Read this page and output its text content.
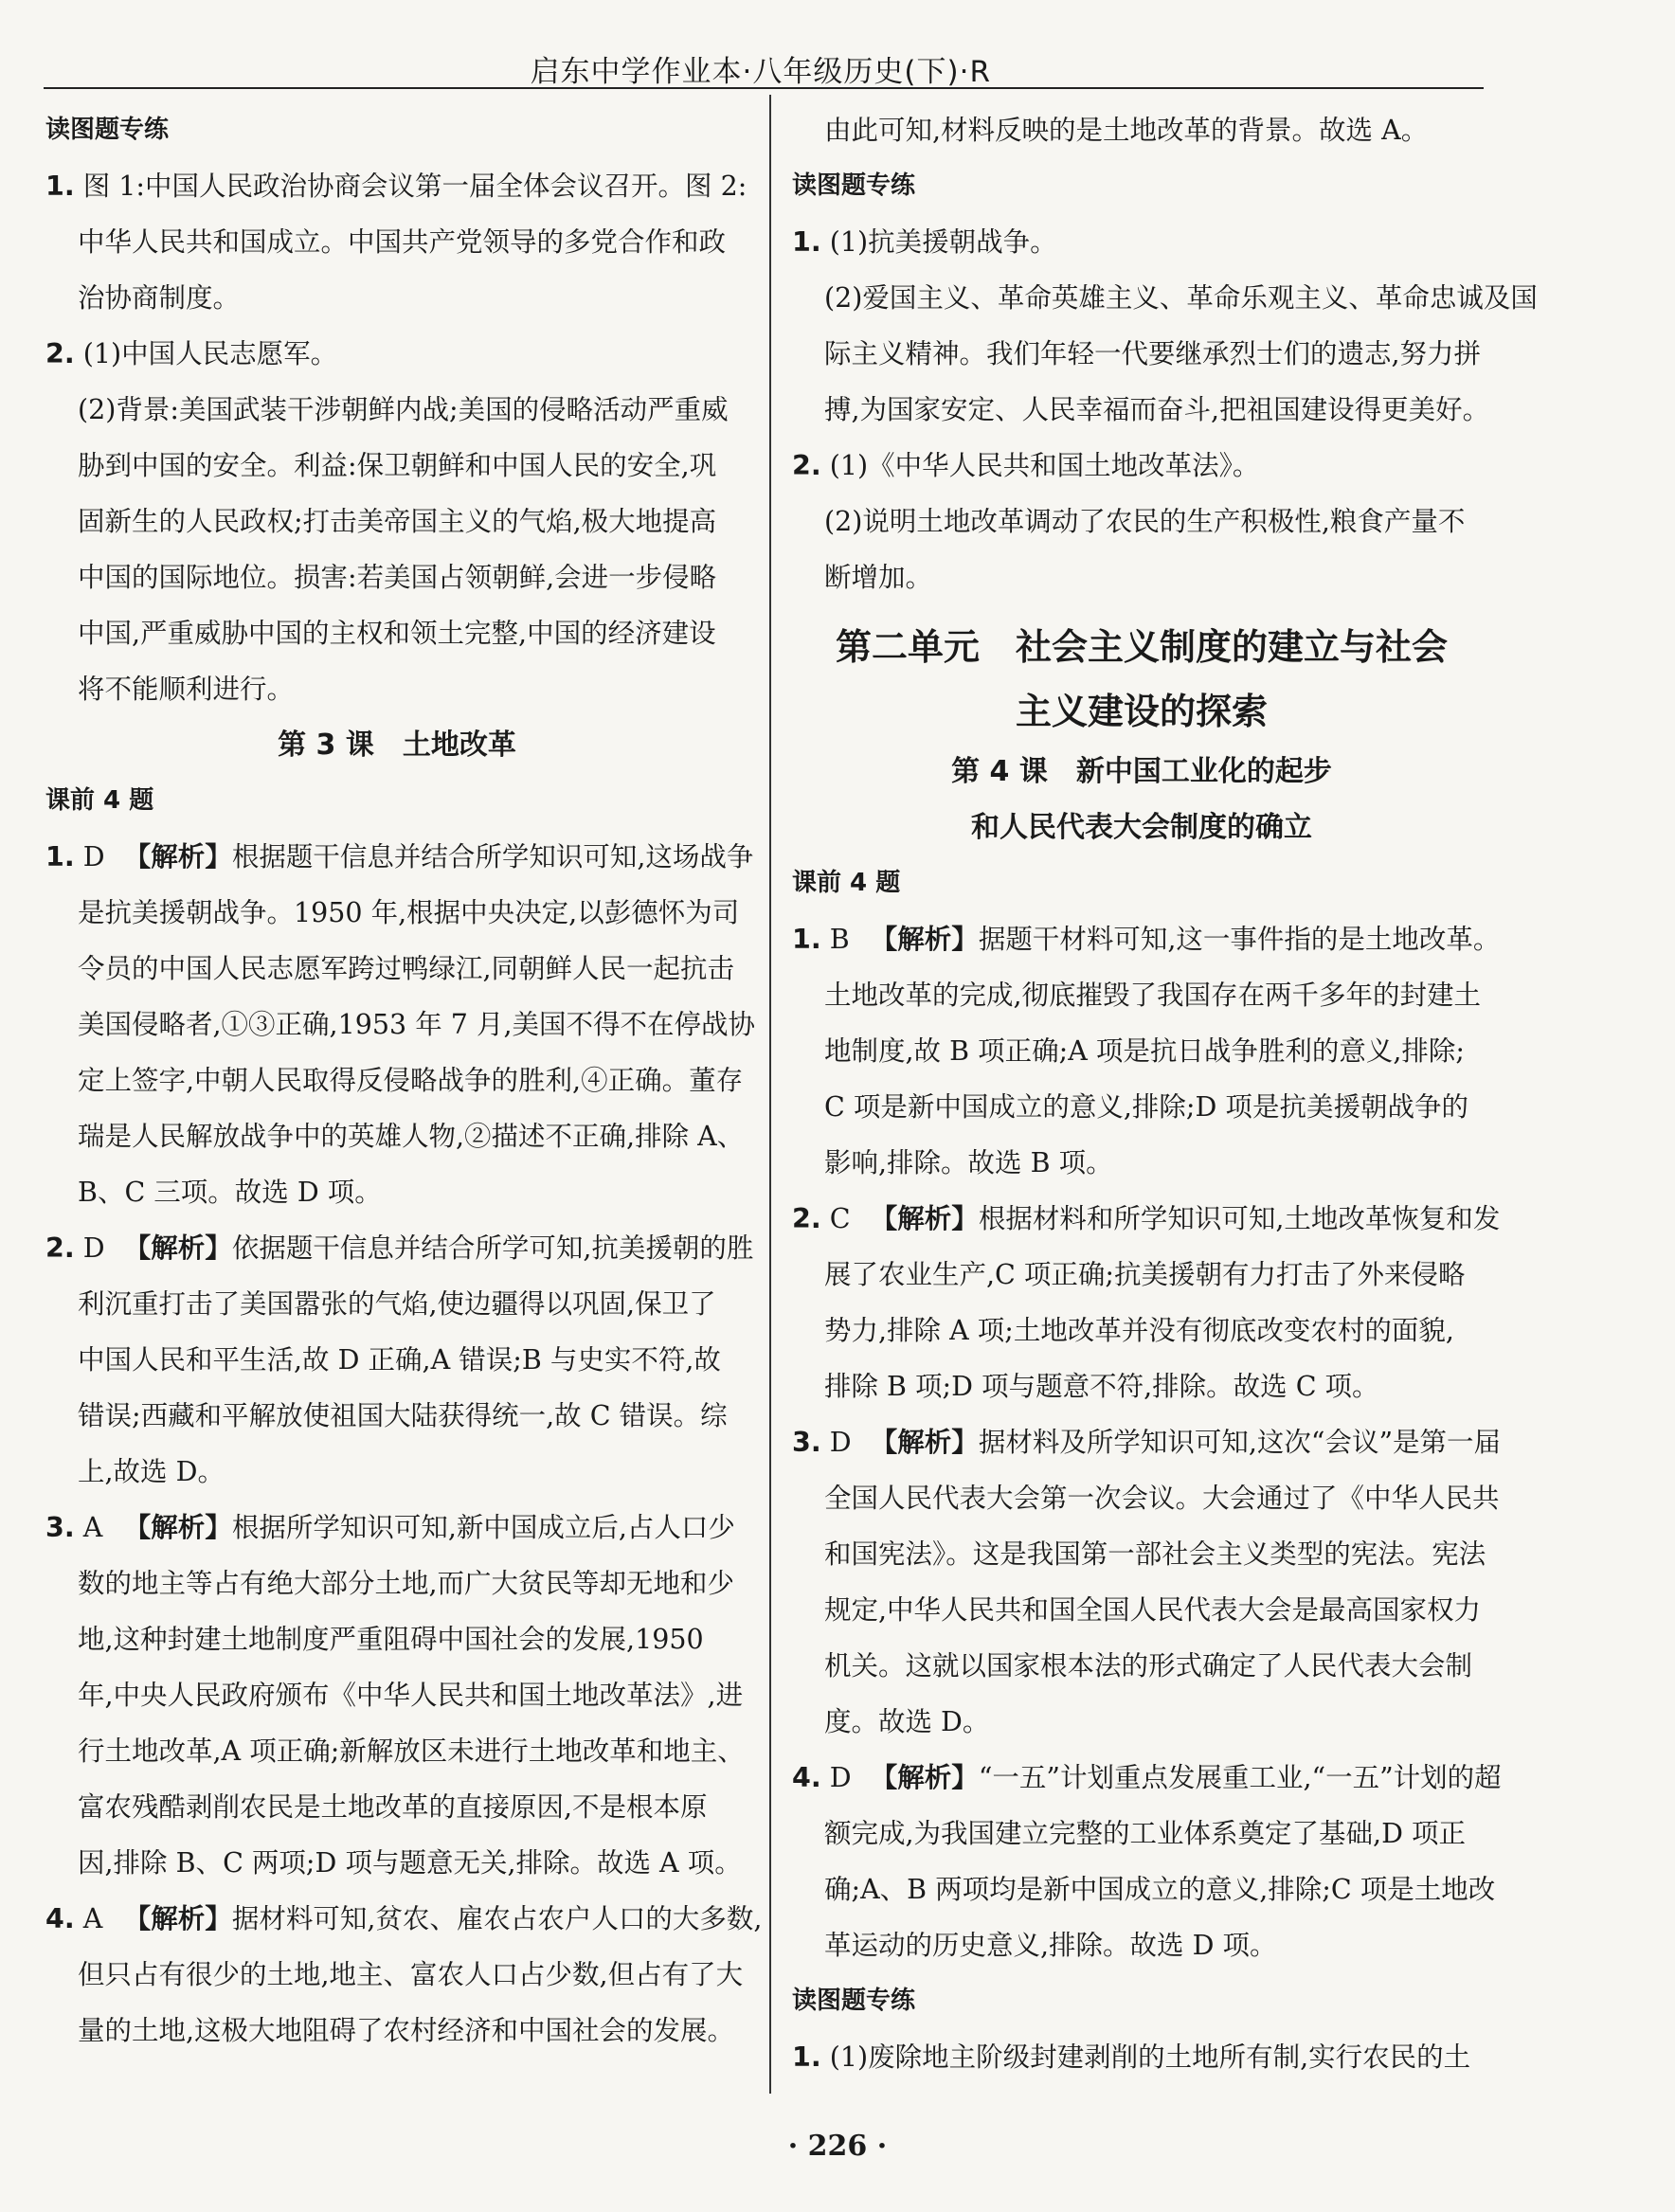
启东中学作业本·八年级历史(下)·R
读图题专练
1. 图 1:中国人民政治协商会议第一届全体会议召开。图 2:
中华人民共和国成立。中国共产党领导的多党合作和政
治协商制度。
2. (1)中国人民志愿军。
(2)背景:美国武装干涉朝鲜内战;美国的侵略活动严重威
胁到中国的安全。利益:保卫朝鲜和中国人民的安全,巩
固新生的人民政权;打击美帝国主义的气焰,极大地提高
中国的国际地位。损害:若美国占领朝鲜,会进一步侵略
中国,严重威胁中国的主权和领土完整,中国的经济建设
将不能顺利进行。
第 3 课　土地改革
课前 4 题
1. D 【解析】根据题干信息并结合所学知识可知,这场战争
是抗美援朝战争。1950 年,根据中央决定,以彭德怀为司
令员的中国人民志愿军跨过鸭绿江,同朝鲜人民一起抗击
美国侵略者,①③正确,1953 年 7 月,美国不得不在停战协
定上签字,中朝人民取得反侵略战争的胜利,④正确。董存
瑞是人民解放战争中的英雄人物,②描述不正确,排除 A、
B、C 三项。故选 D 项。
2. D 【解析】依据题干信息并结合所学可知,抗美援朝的胜
利沉重打击了美国嚣张的气焰,使边疆得以巩固,保卫了
中国人民和平生活,故 D 正确,A 错误;B 与史实不符,故
错误;西藏和平解放使祖国大陆获得统一,故 C 错误。综
上,故选 D。
3. A 【解析】根据所学知识可知,新中国成立后,占人口少
数的地主等占有绝大部分土地,而广大贫民等却无地和少
地,这种封建土地制度严重阻碍中国社会的发展,1950
年,中央人民政府颁布《中华人民共和国土地改革法》,进
行土地改革,A 项正确;新解放区未进行土地改革和地主、
富农残酷剥削农民是土地改革的直接原因,不是根本原
因,排除 B、C 两项;D 项与题意无关,排除。故选 A 项。
4. A 【解析】据材料可知,贫农、雇农占农户人口的大多数,
但只占有很少的土地,地主、富农人口占少数,但占有了大
量的土地,这极大地阻碍了农村经济和中国社会的发展。
由此可知,材料反映的是土地改革的背景。故选 A。
读图题专练
1. (1)抗美援朝战争。
(2)爱国主义、革命英雄主义、革命乐观主义、革命忠诚及国
际主义精神。我们年轻一代要继承烈士们的遗志,努力拼
搏,为国家安定、人民幸福而奋斗,把祖国建设得更美好。
2. (1)《中华人民共和国土地改革法》。
(2)说明土地改革调动了农民的生产积极性,粮食产量不
断增加。
第二单元　社会主义制度的建立与社会
主义建设的探索
第 4 课　新中国工业化的起步
和人民代表大会制度的确立
课前 4 题
1. B 【解析】据题干材料可知,这一事件指的是土地改革。
土地改革的完成,彻底摧毁了我国存在两千多年的封建土
地制度,故 B 项正确;A 项是抗日战争胜利的意义,排除;
C 项是新中国成立的意义,排除;D 项是抗美援朝战争的
影响,排除。故选 B 项。
2. C 【解析】根据材料和所学知识可知,土地改革恢复和发
展了农业生产,C 项正确;抗美援朝有力打击了外来侵略
势力,排除 A 项;土地改革并没有彻底改变农村的面貌,
排除 B 项;D 项与题意不符,排除。故选 C 项。
3. D 【解析】据材料及所学知识可知,这次“会议”是第一届
全国人民代表大会第一次会议。大会通过了《中华人民共
和国宪法》。这是我国第一部社会主义类型的宪法。宪法
规定,中华人民共和国全国人民代表大会是最高国家权力
机关。这就以国家根本法的形式确定了人民代表大会制
度。故选 D。
4. D 【解析】“一五”计划重点发展重工业,“一五”计划的超
额完成,为我国建立完整的工业体系奠定了基础,D 项正
确;A、B 两项均是新中国成立的意义,排除;C 项是土地改
革运动的历史意义,排除。故选 D 项。
读图题专练
1. (1)废除地主阶级封建剥削的土地所有制,实行农民的土
· 226 ·
